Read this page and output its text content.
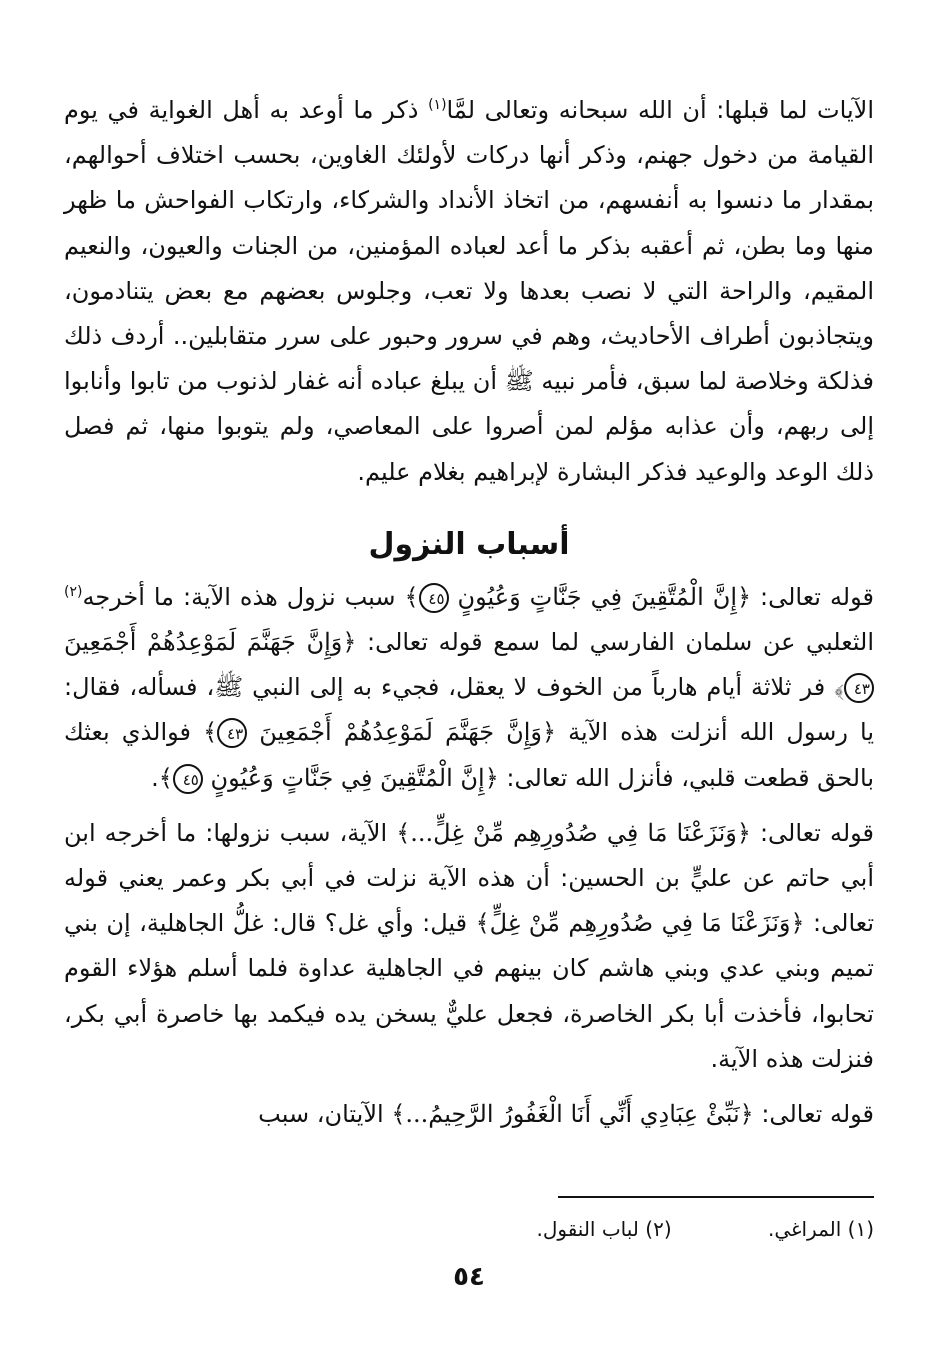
الآيات لما قبلها: أن الله سبحانه وتعالى لمَّا$^{(١)}$ ذكر ما أوعد به أهل الغواية في يوم القيامة من دخول جهنم، وذكر أنها دركات لأولئك الغاوين، بحسب اختلاف أحوالهم، بمقدار ما دنسوا به أنفسهم، من اتخاذ الأنداد والشركاء، وارتكاب الفواحش ما ظهر منها وما بطن، ثم أعقبه بذكر ما أعد لعباده المؤمنين، من الجنات والعيون، والنعيم المقيم، والراحة التي لا نصب بعدها ولا تعب، وجلوس بعضهم مع بعض يتنادمون، ويتجاذبون أطراف الأحاديث، وهم في سرور وحبور على سرر متقابلين.. أردف ذلك فذلكة وخلاصة لما سبق، فأمر نبيه ﷺ أن يبلغ عباده أنه غفار لذنوب من تابوا وأنابوا إلى ربهم، وأن عذابه مؤلم لمن أصروا على المعاصي، ولم يتوبوا منها، ثم فصل ذلك الوعد والوعيد فذكر البشارة لإبراهيم بغلام عليم.

أسباب النزول

قوله تعالى: ﴿إِنَّ الْمُتَّقِينَ فِي جَنَّاتٍ وَعُيُونٍ ٤٥﴾ سبب نزول هذه الآية: ما أخرجه$^{(٢)}$ الثعلبي عن سلمان الفارسي لما سمع قوله تعالى: ﴿وَإِنَّ جَهَنَّمَ لَمَوْعِدُهُمْ أَجْمَعِينَ ٤٣﴾ فر ثلاثة أيام هارباً من الخوف لا يعقل، فجيء به إلى النبي ﷺ، فسأله، فقال: يا رسول الله أنزلت هذه الآية ﴿وَإِنَّ جَهَنَّمَ لَمَوْعِدُهُمْ أَجْمَعِينَ ٤٣﴾ فوالذي بعثك بالحق قطعت قلبي، فأنزل الله تعالى: ﴿إِنَّ الْمُتَّقِينَ فِي جَنَّاتٍ وَعُيُونٍ ٤٥﴾.

قوله تعالى: ﴿وَنَزَعْنَا مَا فِي صُدُورِهِم مِّنْ غِلٍّ...﴾ الآية، سبب نزولها: ما أخرجه ابن أبي حاتم عن عليٍّ بن الحسين: أن هذه الآية نزلت في أبي بكر وعمر يعني قوله تعالى: ﴿وَنَزَعْنَا مَا فِي صُدُورِهِم مِّنْ غِلٍّ﴾ قيل: وأي غل؟ قال: غلُّ الجاهلية، إن بني تميم وبني عدي وبني هاشم كان بينهم في الجاهلية عداوة فلما أسلم هؤلاء القوم تحابوا، فأخذت أبا بكر الخاصرة، فجعل عليٌّ يسخن يده فيكمد بها خاصرة أبي بكر، فنزلت هذه الآية.

قوله تعالى: ﴿نَبِّئْ عِبَادِي أَنِّي أَنَا الْغَفُورُ الرَّحِيمُ...﴾ الآيتان، سبب

(١) المراغي. (٢) لباب النقول.
٥٤
